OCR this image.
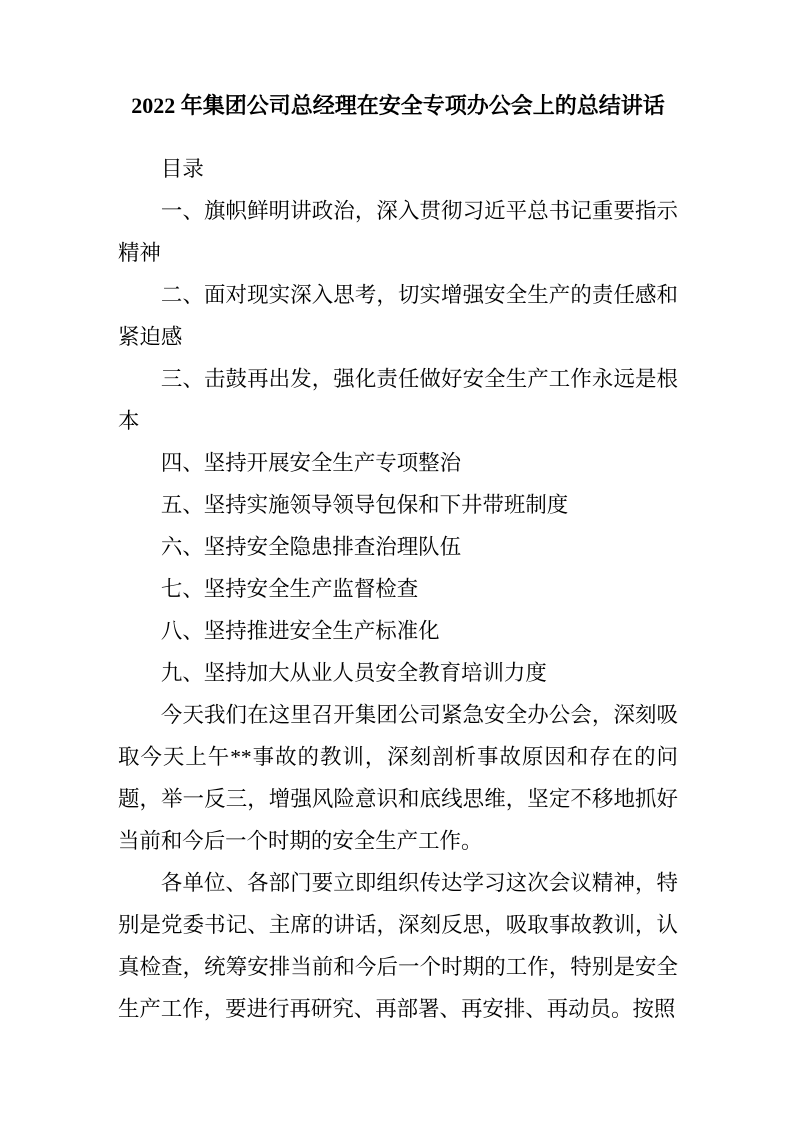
2022 年集团公司总经理在安全专项办公会上的总结讲话

目录

一、旗帜鲜明讲政治，深入贯彻习近平总书记重要指示精神

二、面对现实深入思考，切实增强安全生产的责任感和紧迫感

三、击鼓再出发，强化责任做好安全生产工作永远是根本

四、坚持开展安全生产专项整治

五、坚持实施领导领导包保和下井带班制度

六、坚持安全隐患排查治理队伍

七、坚持安全生产监督检查

八、坚持推进安全生产标准化

九、坚持加大从业人员安全教育培训力度

今天我们在这里召开集团公司紧急安全办公会，深刻吸取今天上午**事故的教训，深刻剖析事故原因和存在的问题，举一反三，增强风险意识和底线思维，坚定不移地抓好当前和今后一个时期的安全生产工作。

各单位、各部门要立即组织传达学习这次会议精神，特别是党委书记、主席的讲话，深刻反思，吸取事故教训，认真检查，统筹安排当前和今后一个时期的工作，特别是安全生产工作，要进行再研究、再部署、再安排、再动员。按照
